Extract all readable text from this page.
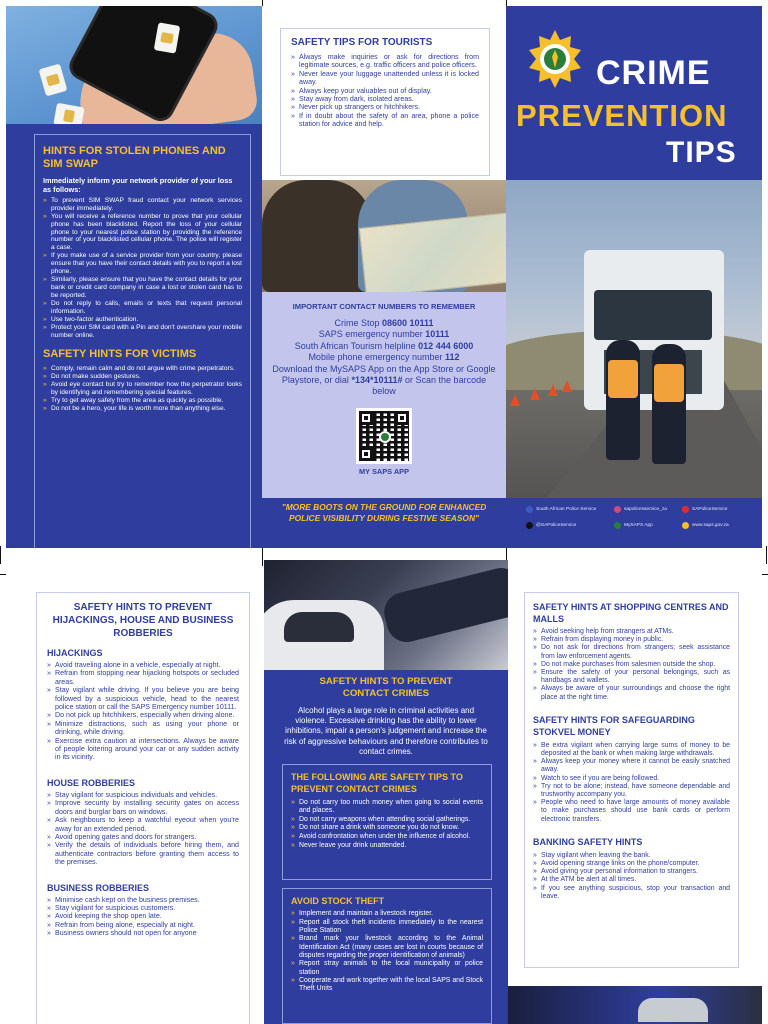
HINTS FOR STOLEN PHONES AND SIM SWAP
Immediately inform your network provider of your loss as follows:
» To prevent SIM SWAP fraud contact your network services provider immediately.
» You will receive a reference number to prove that your cellular phone has been blacklisted. Report the loss of your cellular phone to your nearest police station by providing the reference number of your blacklisted cellular phone. The police will register a case.
» If you make use of a service provider from your country, please ensure that you have their contact details with you to report a lost phone.
» Similarly, please ensure that you have the contact details for your bank or credit card company in case a lost or stolen card has to be reported.
» Do not reply to calls, emails or texts that request personal information.
» Use two-factor authentication.
» Protect your SIM card with a Pin and don't overshare your mobile number online.
SAFETY HINTS FOR VICTIMS
» Comply, remain calm and do not argue with crime perpetrators.
» Do not make sudden gestures.
» Avoid eye contact but try to remember how the perpetrator looks by identifying and remembering special features.
» Try to get away safely from the area as quickly as possible.
» Do not be a hero, your life is worth more than anything else.
SAFETY TIPS FOR TOURISTS
» Always make inquiries or ask for directions from legitimate sources, e.g. traffic officers and police officers.
» Never leave your luggage unattended unless it is locked away.
» Always keep your valuables out of display.
» Stay away from dark, isolated areas.
» Never pick up strangers or hitchhikers.
» If in doubt about the safety of an area, phone a police station for advice and help.
IMPORTANT CONTACT NUMBERS TO REMEMBER
Crime Stop 08600 10111
SAPS emergency number 10111
South African Tourism helpline 012 444 6000
Mobile phone emergency number 112
Download the MySAPS App on the App Store or Google Playstore, or dial *134*10111# or Scan the barcode below
MY SAPS APP
CRIME
PREVENTION
TIPS
"MORE BOOTS ON THE GROUND FOR ENHANCED POLICE VISIBILITY DURING FESTIVE SEASON"
South African Police Service	sapolicesservice_za	SAPoliceService
@SAPoliceService	MySAPS App	www.saps.gov.za
SAFETY HINTS TO PREVENT HIJACKINGS, HOUSE AND BUSINESS ROBBERIES
HIJACKINGS
» Avoid traveling alone in a vehicle, especially at night.
» Refrain from stopping near hijacking hotspots or secluded areas.
» Stay vigilant while driving. If you believe you are being followed by a suspicious vehicle, head to the nearest police station or call the SAPS Emergency number 10111.
» Do not pick up hitchhikers, especially when driving alone.
» Minimize distractions, such as using your phone or drinking, while driving.
» Exercise extra caution at intersections. Always be aware of people loitering around your car or any sudden activity in its vicinity.
HOUSE ROBBERIES
» Stay vigilant for suspicious individuals and vehicles.
» Improve security by installing security gates on access doors and burglar bars on windows.
» Ask neighbours to keep a watchful eyeout when you're away for an extended period.
» Avoid opening gates and doors for strangers.
» Verify the details of individuals before hiring them, and authenticate contractors before granting them access to the premises.
BUSINESS ROBBERIES
» Minimise cash kept on the business premises.
» Stay vigilant for suspicious customers.
» Avoid keeping the shop open late.
» Refrain from being alone, especially at night.
» Business owners should not open for anyone
SAFETY HINTS TO PREVENT CONTACT CRIMES
Alcohol plays a large role in criminal activities and violence. Excessive drinking has the ability to lower inhibitions, impair a person's judgement and increase the risk of aggressive behaviours and therefore contributes to contact crimes.
THE FOLLOWING ARE SAFETY TIPS TO PREVENT CONTACT CRIMES
» Do not carry too much money when going to social events and places.
» Do not carry weapons when attending social gatherings.
» Do not share a drink with someone you do not know.
» Avoid confrontation when under the influence of alcohol.
» Never leave your drink unattended.
AVOID STOCK THEFT
» Implement and maintain a livestock register.
» Report all stock theft incidents immediately to the nearest Police Station
» Brand mark your livestock according to the Animal Identification Act (many cases are lost in courts because of disputes regarding the proper identification of animals)
» Report stray animals to the local municipality or police station
» Cooperate and work together with the local SAPS and Stock Theft Units
SAFETY HINTS AT SHOPPING CENTRES AND MALLS
» Avoid seeking help from strangers at ATMs.
» Refrain from displaying money in public.
» Do not ask for directions from strangers; seek assistance from law enforcement agents.
» Do not make purchases from salesmen outside the shop.
» Ensure the safety of your personal belongings, such as handbags and wallets.
» Always be aware of your surroundings and choose the right place at the right time.
SAFETY HINTS FOR SAFEGUARDING STOKVEL MONEY
» Be extra vigilant when carrying large sums of money to be deposited at the bank or when making large withdrawals.
» Always keep your money where it cannot be easily snatched away.
» Watch to see if you are being followed.
» Try not to be alone; instead, have someone dependable and trustworthy accompany you.
» People who need to have large amounts of money available to make purchases should use bank cards or perform electronic transfers.
BANKING SAFETY HINTS
» Stay vigilant when leaving the bank.
» Avoid opening strange links on the phone/computer.
» Avoid giving your personal information to strangers.
» At the ATM be alert at all times.
» If you see anything suspicious, stop your transaction and leave.
